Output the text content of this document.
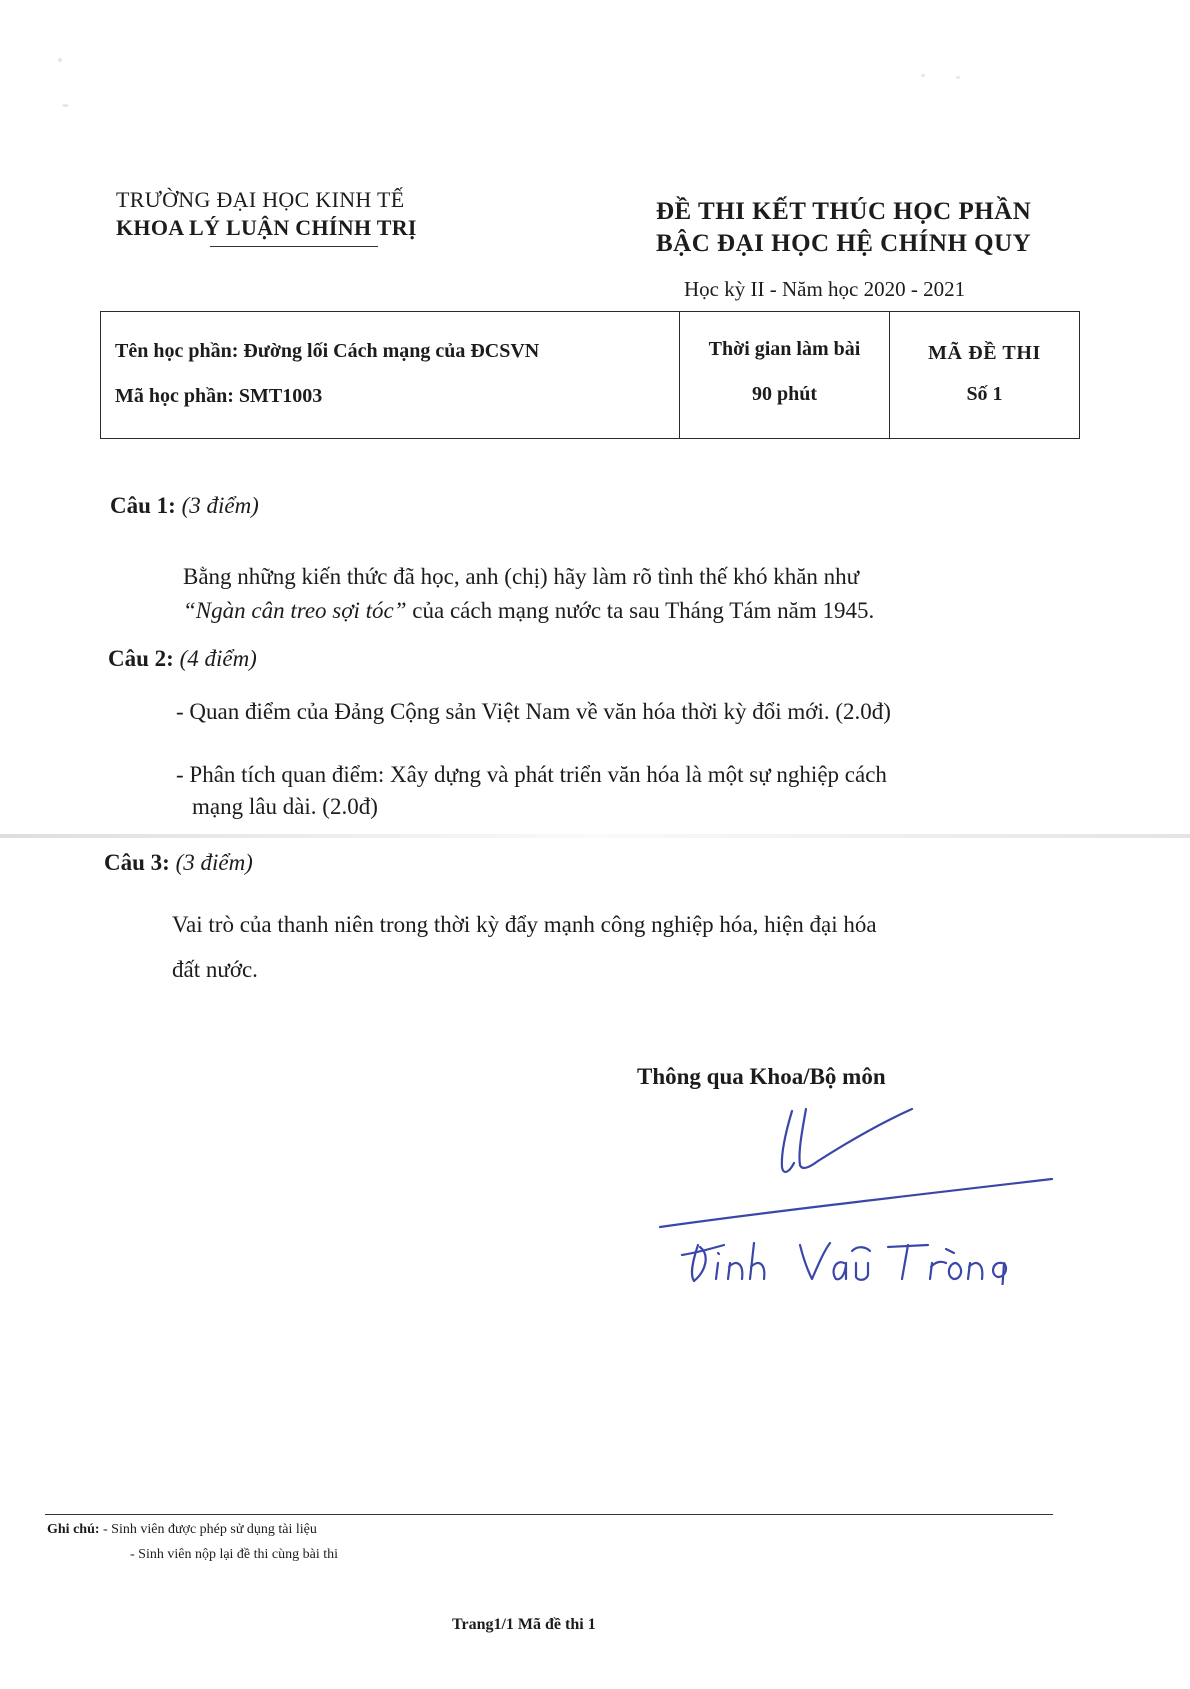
TRƯỜNG ĐẠI HỌC KINH TẾ
KHOA LÝ LUẬN CHÍNH TRỊ
ĐỀ THI KẾT THÚC HỌC PHẦN
BẬC ĐẠI HỌC HỆ CHÍNH QUY
Học kỳ II - Năm học 2020 - 2021
Tên học phần: Đường lối Cách mạng của ĐCSVN
Mã học phần: SMT1003
Thời gian làm bài
90 phút
MÃ ĐỀ THI
Số 1
Câu 1: (3 điểm)
Bằng những kiến thức đã học, anh (chị) hãy làm rõ tình thế khó khăn như
“Ngàn cân treo sợi tóc” của cách mạng nước ta sau Tháng Tám năm 1945.
Câu 2: (4 điểm)
- Quan điểm của Đảng Cộng sản Việt Nam về văn hóa thời kỳ đổi mới. (2.0đ)
- Phân tích quan điểm: Xây dựng và phát triển văn hóa là một sự nghiệp cách
mạng lâu dài. (2.0đ)
Câu 3: (3 điểm)
Vai trò của thanh niên trong thời kỳ đẩy mạnh công nghiệp hóa, hiện đại hóa
đất nước.
Thông qua Khoa/Bộ môn
Ghi chú: - Sinh viên được phép sử dụng tài liệu
- Sinh viên nộp lại đề thi cùng bài thi
Trang1/1 Mã đề thi 1
